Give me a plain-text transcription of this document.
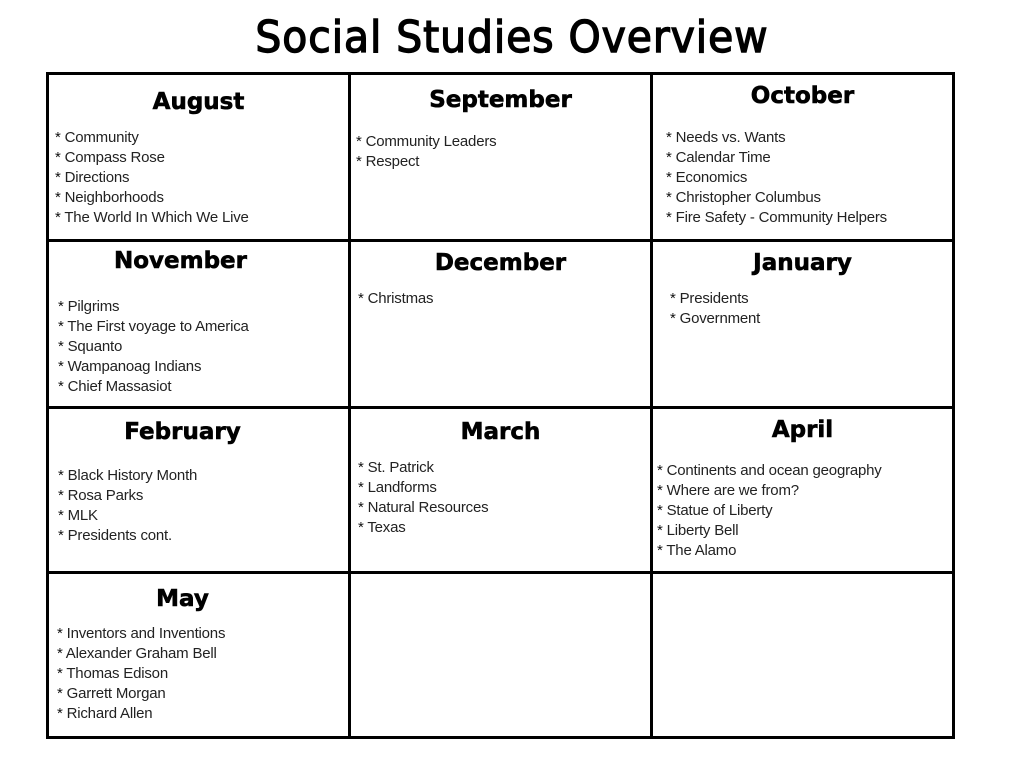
Social Studies Overview
August
* Community
* Compass Rose
* Directions
* Neighborhoods
* The World In Which We Live
September
* Community Leaders
* Respect
October
* Needs vs. Wants
* Calendar Time
* Economics
* Christopher Columbus
* Fire Safety - Community Helpers
November
* Pilgrims
* The First voyage to America
* Squanto
* Wampanoag Indians
* Chief Massasiot
December
* Christmas
January
* Presidents
* Government
February
* Black History Month
* Rosa Parks
* MLK
* Presidents cont.
March
* St. Patrick
* Landforms
* Natural Resources
* Texas
April
* Continents and ocean geography
* Where are we from?
* Statue of Liberty
* Liberty Bell
* The Alamo
May
* Inventors and Inventions
* Alexander Graham Bell
* Thomas Edison
* Garrett Morgan
* Richard Allen
